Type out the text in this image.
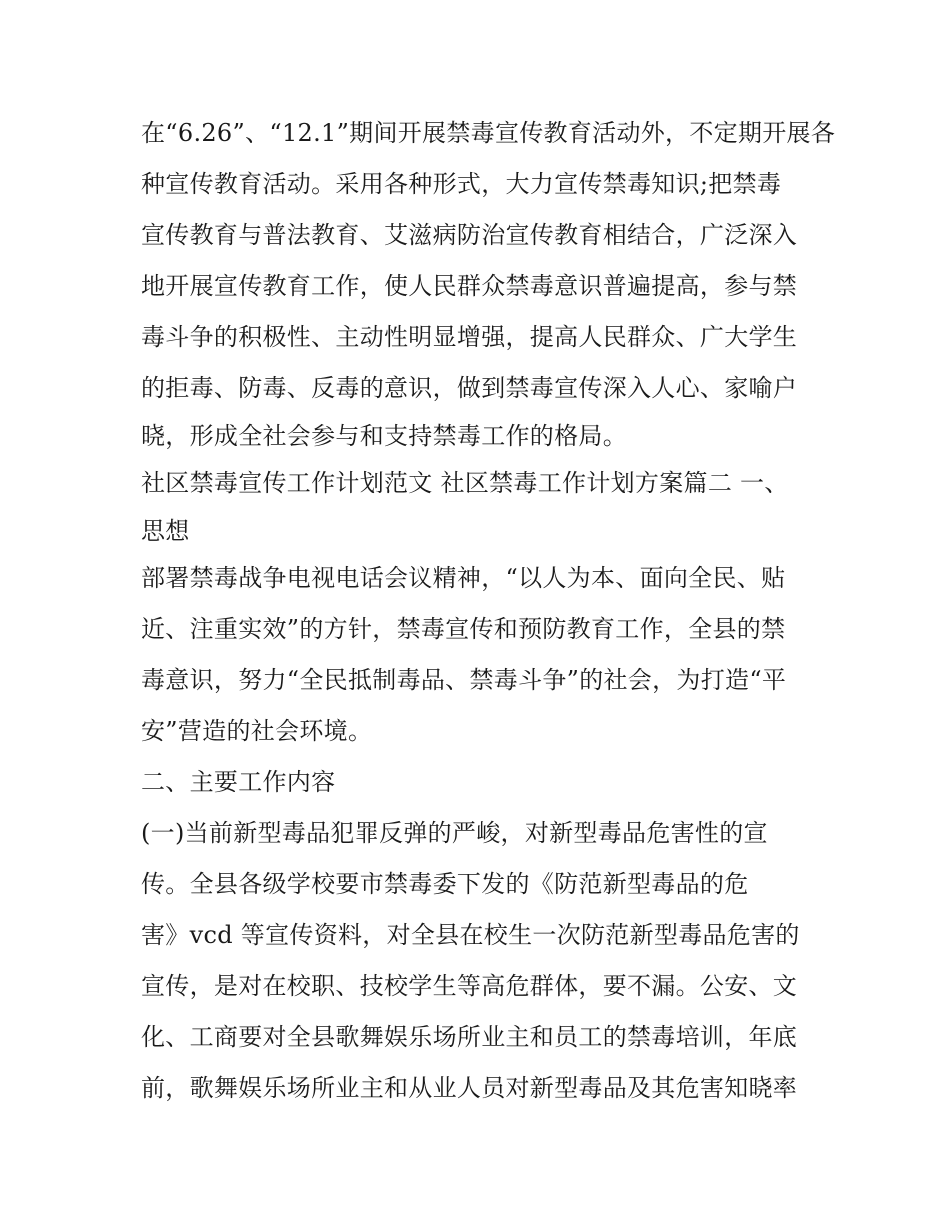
在“6.26”、“12.1”期间开展禁毒宣传教育活动外，不定期开展各
种宣传教育活动。采用各种形式，大力宣传禁毒知识;把禁毒
宣传教育与普法教育、艾滋病防治宣传教育相结合，广泛深入
地开展宣传教育工作，使人民群众禁毒意识普遍提高，参与禁
毒斗争的积极性、主动性明显增强，提高人民群众、广大学生
的拒毒、防毒、反毒的意识，做到禁毒宣传深入人心、家喻户
晓，形成全社会参与和支持禁毒工作的格局。
社区禁毒宣传工作计划范文 社区禁毒工作计划方案篇二 一、
思想
部署禁毒战争电视电话会议精神，“以人为本、面向全民、贴
近、注重实效”的方针，禁毒宣传和预防教育工作，全县的禁
毒意识，努力“全民抵制毒品、禁毒斗争”的社会，为打造“平
安”营造的社会环境。
二、主要工作内容
(一)当前新型毒品犯罪反弹的严峻，对新型毒品危害性的宣
传。全县各级学校要市禁毒委下发的《防范新型毒品的危
害》vcd 等宣传资料，对全县在校生一次防范新型毒品危害的
宣传，是对在校职、技校学生等高危群体，要不漏。公安、文
化、工商要对全县歌舞娱乐场所业主和员工的禁毒培训，年底
前，歌舞娱乐场所业主和从业人员对新型毒品及其危害知晓率
